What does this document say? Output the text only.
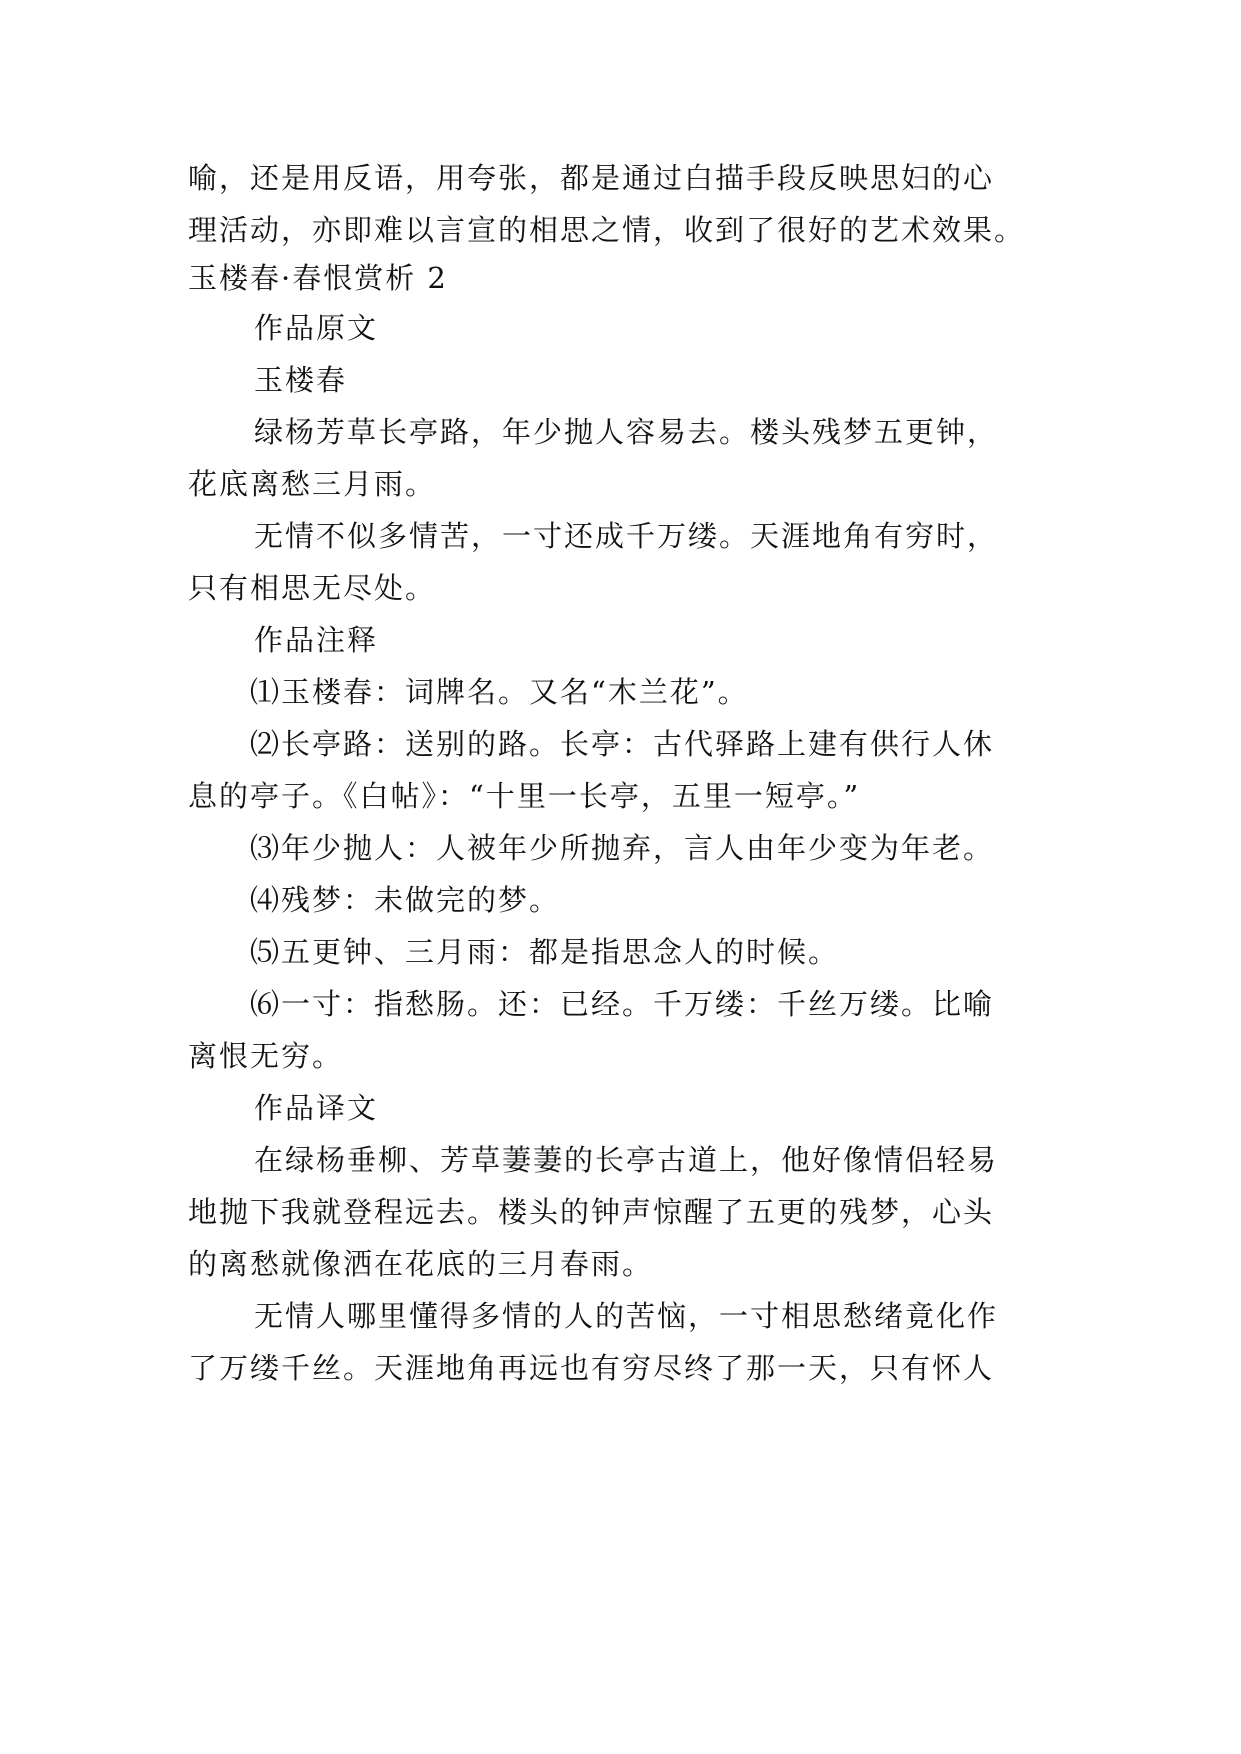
喻，还是用反语，用夸张，都是通过白描手段反映思妇的心
理活动，亦即难以言宣的相思之情，收到了很好的艺术效果。
玉楼春·春恨赏析 2
作品原文
玉楼春
绿杨芳草长亭路，年少抛人容易去。楼头残梦五更钟，
花底离愁三月雨。
无情不似多情苦，一寸还成千万缕。天涯地角有穷时，
只有相思无尽处。
作品注释
⑴玉楼春：词牌名。又名“木兰花”。
⑵长亭路：送别的路。长亭：古代驿路上建有供行人休
息的亭子。《白帖》：“十里一长亭，五里一短亭。”
⑶年少抛人：人被年少所抛弃，言人由年少变为年老。
⑷残梦：未做完的梦。
⑸五更钟、三月雨：都是指思念人的时候。
⑹一寸：指愁肠。还：已经。千万缕：千丝万缕。比喻
离恨无穷。
作品译文
在绿杨垂柳、芳草萋萋的长亭古道上，他好像情侣轻易
地抛下我就登程远去。楼头的钟声惊醒了五更的残梦，心头
的离愁就像洒在花底的三月春雨。
无情人哪里懂得多情的人的苦恼，一寸相思愁绪竟化作
了万缕千丝。天涯地角再远也有穷尽终了那一天，只有怀人
